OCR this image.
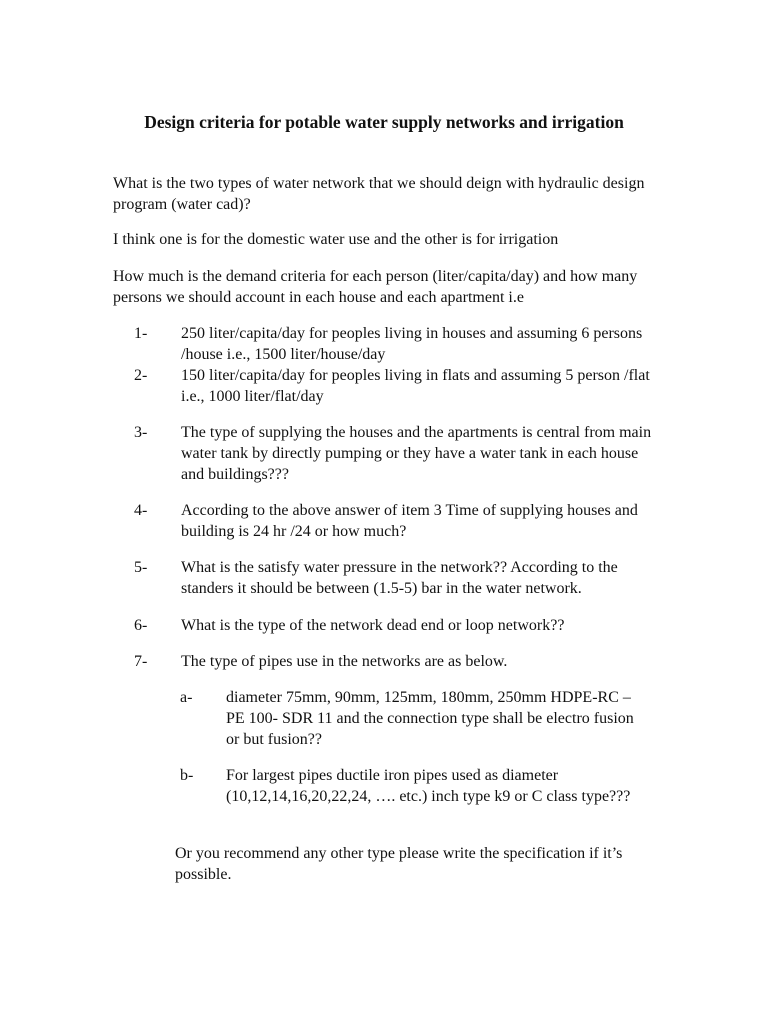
Design criteria for potable water supply networks and irrigation
What is the two types of water network that we should deign with hydraulic design program (water cad)?
I think one is for the domestic water use and the other is for irrigation
How much is the demand criteria for each person (liter/capita/day) and how many persons we should account in each house and each apartment i.e
1- 250 liter/capita/day for peoples living in houses and assuming 6 persons /house i.e., 1500 liter/house/day
2- 150 liter/capita/day for peoples living in flats and assuming 5 person /flat i.e., 1000 liter/flat/day
3- The type of supplying the houses and the apartments is central from main water tank by directly pumping or they have a water tank in each house and buildings???
4- According to the above answer of item 3 Time of supplying houses and building is 24 hr /24 or how much?
5- What is the satisfy water pressure in the network?? According to the standers it should be between (1.5-5) bar in the water network.
6- What is the type of the network dead end or loop network??
7- The type of pipes use in the networks are as below.
a- diameter 75mm, 90mm, 125mm, 180mm, 250mm HDPE-RC –PE 100- SDR 11 and the connection type shall be electro fusion or but fusion??
b- For largest pipes ductile iron pipes used as diameter (10,12,14,16,20,22,24, …. etc.) inch type k9 or C class type???
Or you recommend any other type please write the specification if it’s possible.
